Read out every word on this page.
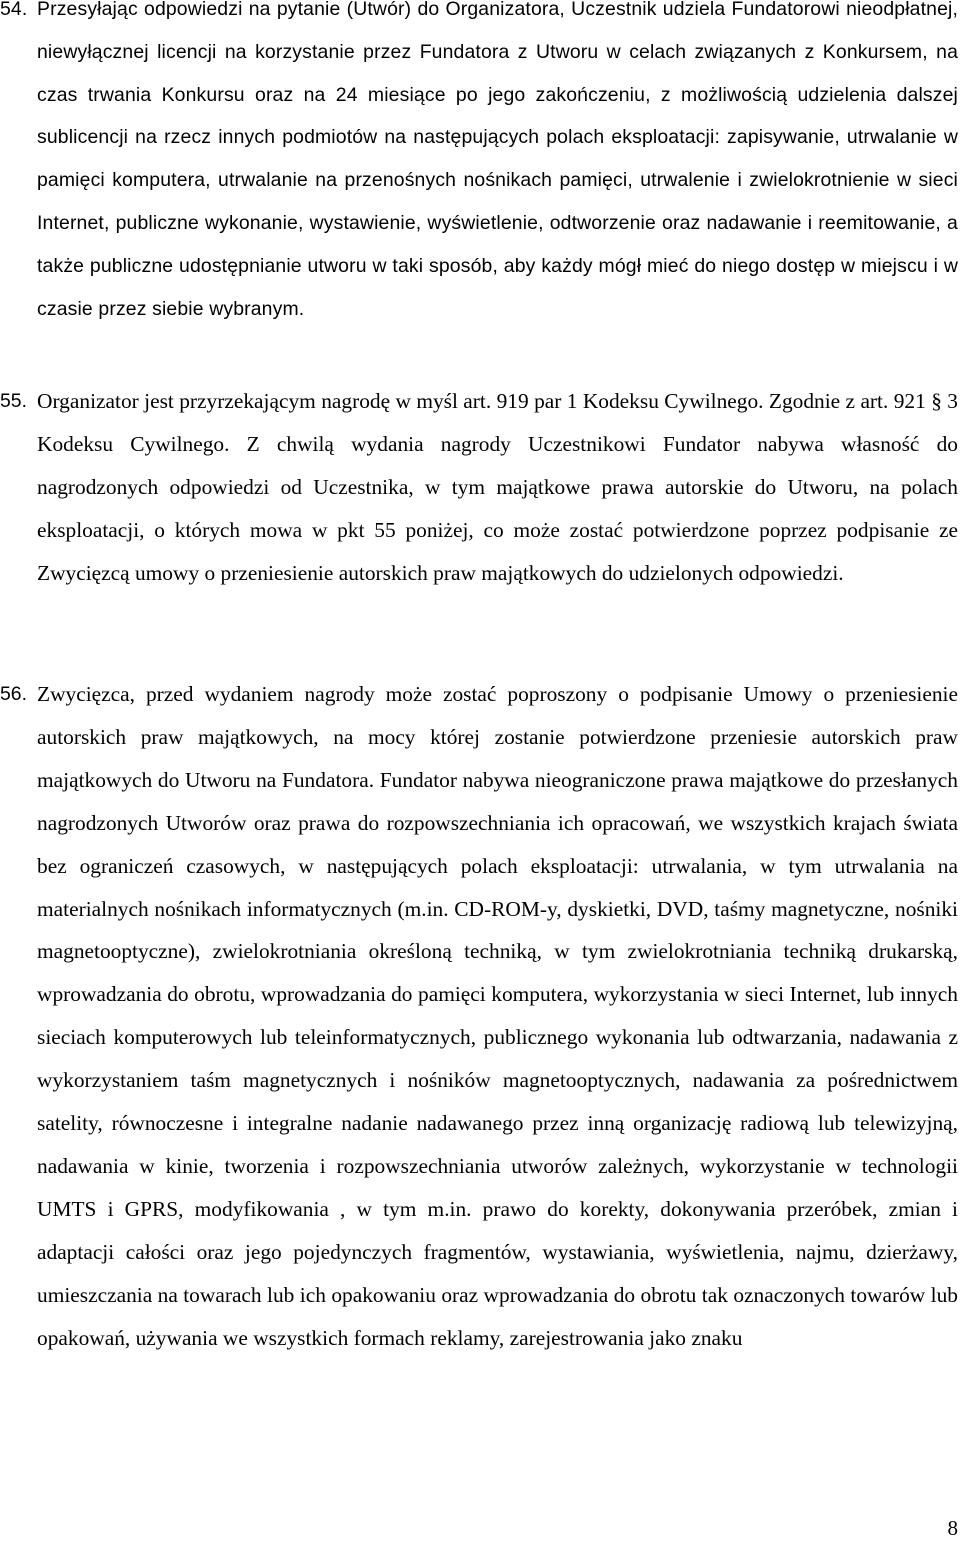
54. Przesyłając odpowiedzi na pytanie (Utwór) do Organizatora, Uczestnik udziela Fundatorowi nieodpłatnej, niewyłącznej licencji na korzystanie przez Fundatora z Utworu w celach związanych z Konkursem, na czas trwania Konkursu oraz na 24 miesiące po jego zakończeniu, z możliwością udzielenia dalszej sublicencji na rzecz innych podmiotów na następujących polach eksploatacji: zapisywanie, utrwalanie w pamięci komputera, utrwalanie na przenośnych nośnikach pamięci, utrwalenie i zwielokrotnienie w sieci Internet, publiczne wykonanie, wystawienie, wyświetlenie, odtworzenie oraz nadawanie i reemitowanie, a także publiczne udostępnianie utworu w taki sposób, aby każdy mógł mieć do niego dostęp w miejscu i w czasie przez siebie wybranym.
55. Organizator jest przyrzekającym nagrodę w myśl art. 919 par 1 Kodeksu Cywilnego. Zgodnie z art. 921 § 3 Kodeksu Cywilnego. Z chwilą wydania nagrody Uczestnikowi Fundator nabywa własność do nagrodzonych odpowiedzi od Uczestnika, w tym majątkowe prawa autorskie do Utworu, na polach eksploatacji, o których mowa w pkt 55 poniżej, co może zostać potwierdzone poprzez podpisanie ze Zwycięzcą umowy o przeniesienie autorskich praw majątkowych do udzielonych odpowiedzi.
56. Zwycięzca, przed wydaniem nagrody może zostać poproszony o podpisanie Umowy o przeniesienie autorskich praw majątkowych, na mocy której zostanie potwierdzone przeniesie autorskich praw majątkowych do Utworu na Fundatora. Fundator nabywa nieograniczone prawa majątkowe do przesłanych nagrodzonych Utworów oraz prawa do rozpowszechniania ich opracowań, we wszystkich krajach świata bez ograniczeń czasowych, w następujących polach eksploatacji: utrwalania, w tym utrwalania na materialnych nośnikach informatycznych (m.in. CD-ROM-y, dyskietki, DVD, taśmy magnetyczne, nośniki magnetooptyczne), zwielokrotniania określoną techniką, w tym zwielokrotniania techniką drukarską, wprowadzania do obrotu, wprowadzania do pamięci komputera, wykorzystania w sieci Internet, lub innych sieciach komputerowych lub teleinformatycznych, publicznego wykonania lub odtwarzania, nadawania z wykorzystaniem taśm magnetycznych i nośników magnetooptycznych, nadawania za pośrednictwem satelity, równoczesne i integralne nadanie nadawanego przez inną organizację radiową lub telewizyjną, nadawania w kinie, tworzenia i rozpowszechniania utworów zależnych, wykorzystanie w technologii UMTS i GPRS, modyfikowania , w tym m.in. prawo do korekty, dokonywania przeróbek, zmian i adaptacji całości oraz jego pojedynczych fragmentów, wystawiania, wyświetlenia, najmu, dzierżawy, umieszczania na towarach lub ich opakowaniu oraz wprowadzania do obrotu tak oznaczonych towarów lub opakowań, używania we wszystkich formach reklamy, zarejestrowania jako znaku
8
